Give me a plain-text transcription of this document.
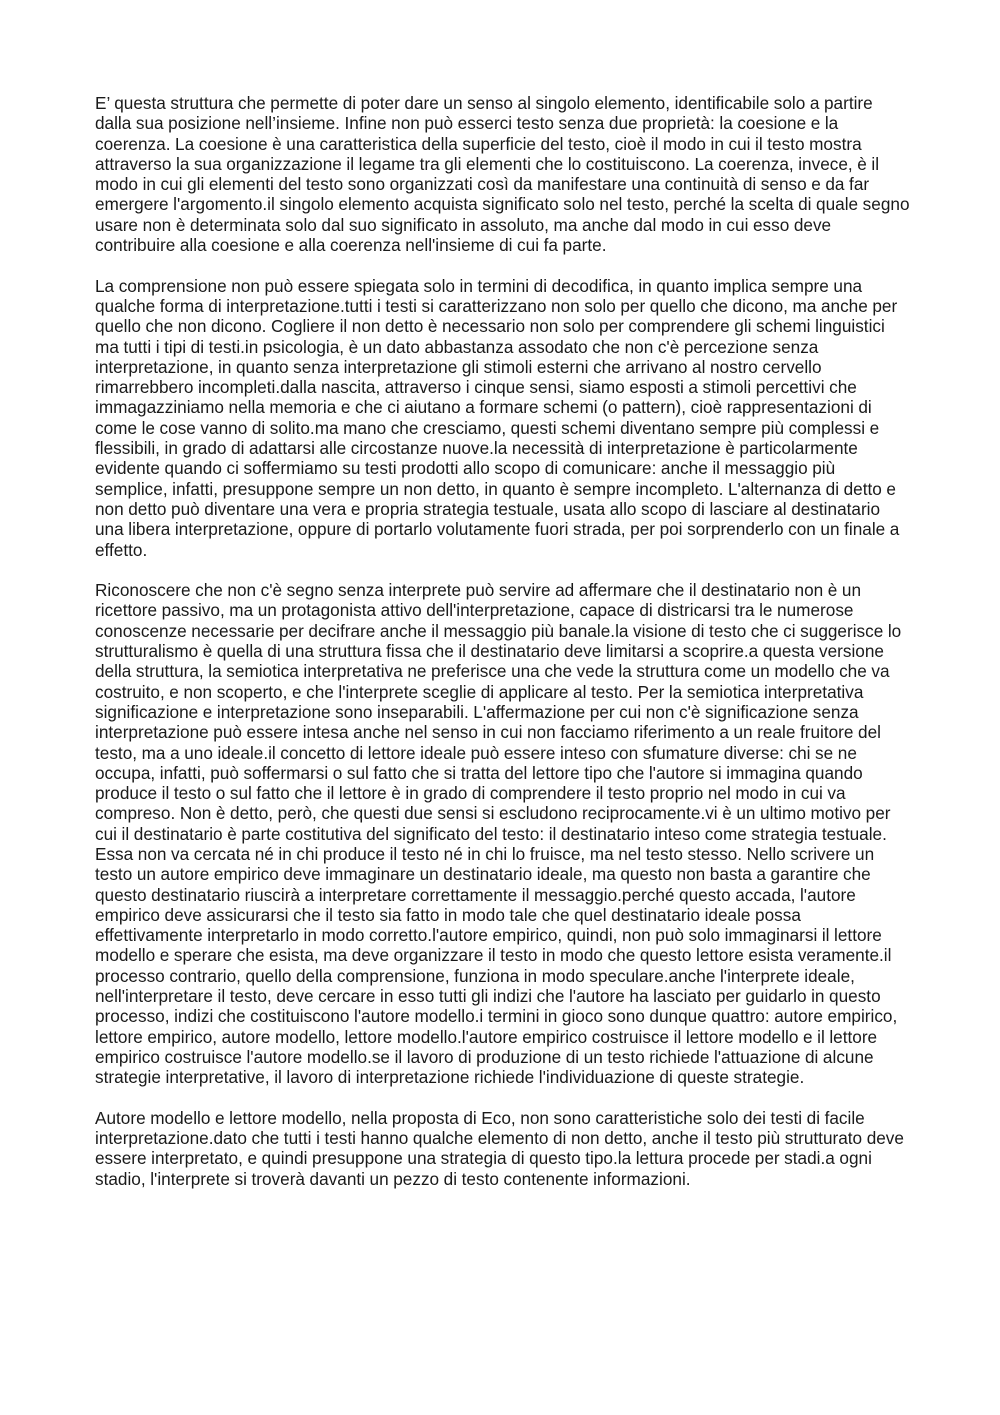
E’ questa struttura che permette di poter dare un senso al singolo elemento, identificabile solo a partire dalla sua posizione nell’insieme. Infine non può esserci testo senza due proprietà: la coesione e la coerenza. La coesione è una caratteristica della superficie del testo, cioè il modo in cui il testo mostra attraverso la sua organizzazione il legame tra gli elementi che lo costituiscono. La coerenza, invece, è il modo in cui gli elementi del testo sono organizzati così da manifestare una continuità di senso e da far emergere l'argomento.il singolo elemento acquista significato solo nel testo, perché la scelta di quale segno usare non è determinata solo dal suo significato in assoluto, ma anche dal modo in cui esso deve contribuire alla coesione e alla coerenza nell'insieme di cui fa parte.

La comprensione non può essere spiegata solo in termini di decodifica, in quanto implica sempre una qualche forma di interpretazione.tutti i testi si caratterizzano non solo per quello che dicono, ma anche per quello che non dicono. Cogliere il non detto è necessario non solo per comprendere gli schemi linguistici ma tutti i tipi di testi.in psicologia, è un dato abbastanza assodato che non c'è percezione senza interpretazione, in quanto senza interpretazione gli stimoli esterni che arrivano al nostro cervello rimarrebbero incompleti.dalla nascita, attraverso i cinque sensi, siamo esposti a stimoli percettivi che immagazziniamo nella memoria e che ci aiutano a formare schemi (o pattern), cioè rappresentazioni di come le cose vanno di solito.ma mano che cresciamo, questi schemi diventano sempre più complessi e flessibili, in grado di adattarsi alle circostanze nuove.la necessità di interpretazione è particolarmente evidente quando ci soffermiamo su testi prodotti allo scopo di comunicare: anche il messaggio più semplice, infatti, presuppone sempre un non detto, in quanto è sempre incompleto. L'alternanza di detto e non detto può diventare una vera e propria strategia testuale, usata allo scopo di lasciare al destinatario una libera interpretazione, oppure di portarlo volutamente fuori strada, per poi sorprenderlo con un finale a effetto.

Riconoscere che non c'è segno senza interprete può servire ad affermare che il destinatario non è un ricettore passivo, ma un protagonista attivo dell'interpretazione, capace di districarsi tra le numerose conoscenze necessarie per decifrare anche il messaggio più banale.la visione di testo che ci suggerisce lo strutturalismo è quella di una struttura fissa che il destinatario deve limitarsi a scoprire.a questa versione della struttura, la semiotica interpretativa ne preferisce una che vede la struttura come un modello che va costruito, e non scoperto, e che l'interprete sceglie di applicare al testo. Per la semiotica interpretativa significazione e interpretazione sono inseparabili. L'affermazione per cui non c'è significazione senza interpretazione può essere intesa anche nel senso in cui non facciamo riferimento a un reale fruitore del testo, ma a uno ideale.il concetto di lettore ideale può essere inteso con sfumature diverse: chi se ne occupa, infatti, può soffermarsi o sul fatto che si tratta del lettore tipo che l'autore si immagina quando produce il testo o sul fatto che il lettore è in grado di comprendere il testo proprio nel modo in cui va compreso. Non è detto, però, che questi due sensi si escludono reciprocamente.vi è un ultimo motivo per cui il destinatario è parte costitutiva del significato del testo: il destinatario inteso come strategia testuale. Essa non va cercata né in chi produce il testo né in chi lo fruisce, ma nel testo stesso. Nello scrivere un testo un autore empirico deve immaginare un destinatario ideale, ma questo non basta a garantire che questo destinatario riuscirà a interpretare correttamente il messaggio.perché questo accada, l'autore empirico deve assicurarsi che il testo sia fatto in modo tale che quel destinatario ideale possa effettivamente interpretarlo in modo corretto.l'autore empirico, quindi, non può solo immaginarsi il lettore modello e sperare che esista, ma deve organizzare il testo in modo che questo lettore esista veramente.il processo contrario, quello della comprensione, funziona in modo speculare.anche l'interprete ideale, nell'interpretare il testo, deve cercare in esso tutti gli indizi che l'autore ha lasciato per guidarlo in questo processo, indizi che costituiscono l'autore modello.i termini in gioco sono dunque quattro: autore empirico, lettore empirico, autore modello, lettore modello.l'autore empirico costruisce il lettore modello e il lettore empirico costruisce l'autore modello.se il lavoro di produzione di un testo richiede l'attuazione di alcune strategie interpretative, il lavoro di interpretazione richiede l'individuazione di queste strategie.

Autore modello e lettore modello, nella proposta di Eco, non sono caratteristiche solo dei testi di facile interpretazione.dato che tutti i testi hanno qualche elemento di non detto, anche il testo più strutturato deve essere interpretato, e quindi presuppone una strategia di questo tipo.la lettura procede per stadi.a ogni stadio, l'interprete si troverà davanti un pezzo di testo contenente informazioni.
